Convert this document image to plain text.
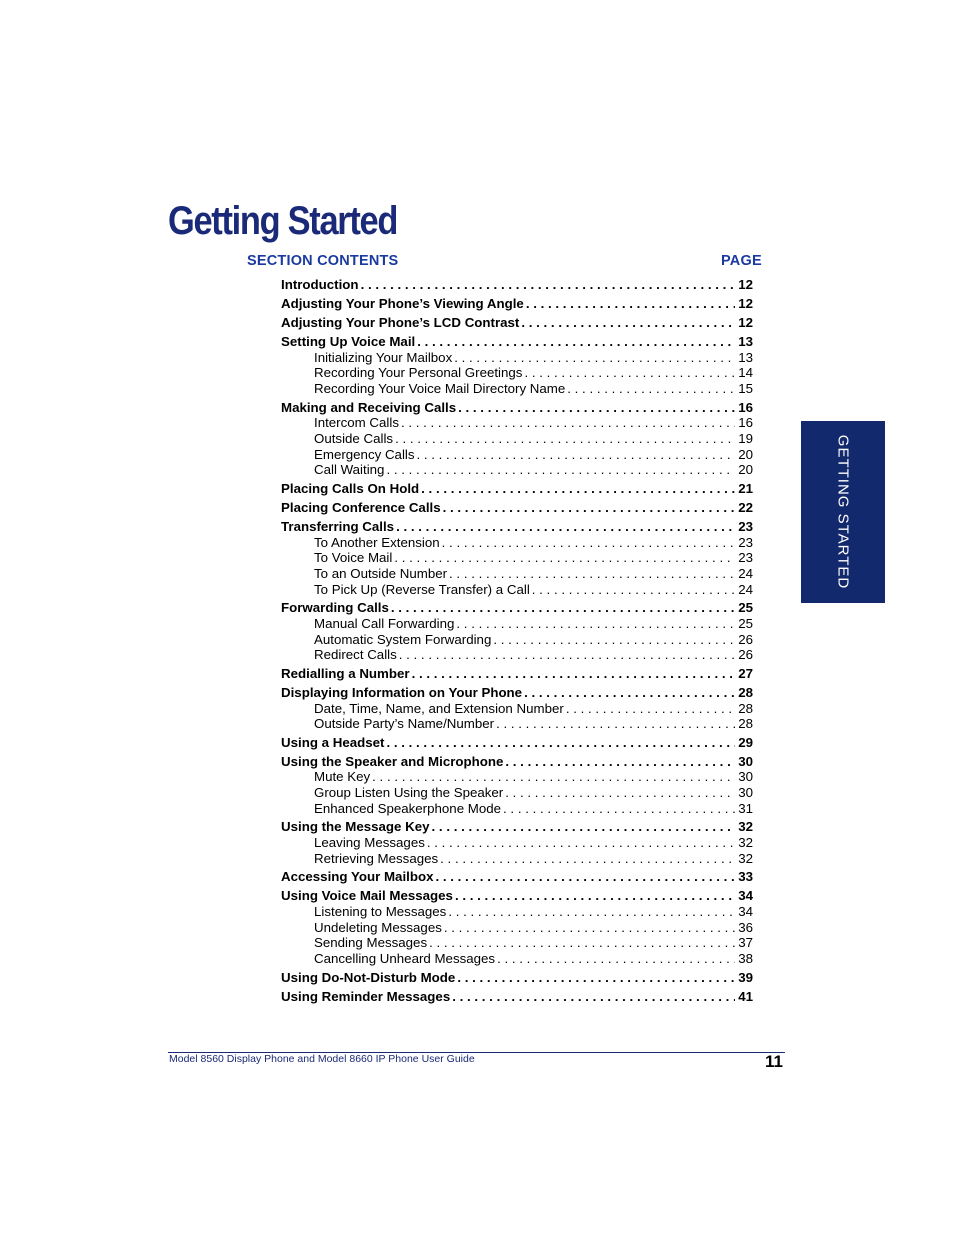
Getting Started
SECTION CONTENTS	PAGE
Introduction . . .	12
Adjusting Your Phone’s Viewing Angle . . .	12
Adjusting Your Phone’s LCD Contrast . . .	12
Setting Up Voice Mail . . .	13
Initializing Your Mailbox . . .	13
Recording Your Personal Greetings . . .	14
Recording Your Voice Mail Directory Name . . .	15
Making and Receiving Calls . . .	16
Intercom Calls . . .	16
Outside Calls . . .	19
Emergency Calls . . .	20
Call Waiting . . .	20
Placing Calls On Hold . . .	21
Placing Conference Calls . . .	22
Transferring Calls . . .	23
To Another Extension . . .	23
To Voice Mail . . .	23
To an Outside Number . . .	24
To Pick Up (Reverse Transfer) a Call . . .	24
Forwarding Calls . . .	25
Manual Call Forwarding . . .	25
Automatic System Forwarding . . .	26
Redirect Calls . . .	26
Redialling a Number . . .	27
Displaying Information on Your Phone . . .	28
Date, Time, Name, and Extension Number . . .	28
Outside Party’s Name/Number . . .	28
Using a Headset . . .	29
Using the Speaker and Microphone . . .	30
Mute Key . . .	30
Group Listen Using the Speaker . . .	30
Enhanced Speakerphone Mode . . .	31
Using the Message Key . . .	32
Leaving Messages . . .	32
Retrieving Messages . . .	32
Accessing Your Mailbox . . .	33
Using Voice Mail Messages . . .	34
Listening to Messages . . .	34
Undeleting Messages . . .	36
Sending Messages . . .	37
Cancelling Unheard Messages . . .	38
Using Do-Not-Disturb Mode . . .	39
Using Reminder Messages . . .	41
GETTING STARTED
Model 8560 Display Phone and Model 8660 IP Phone User Guide	11
